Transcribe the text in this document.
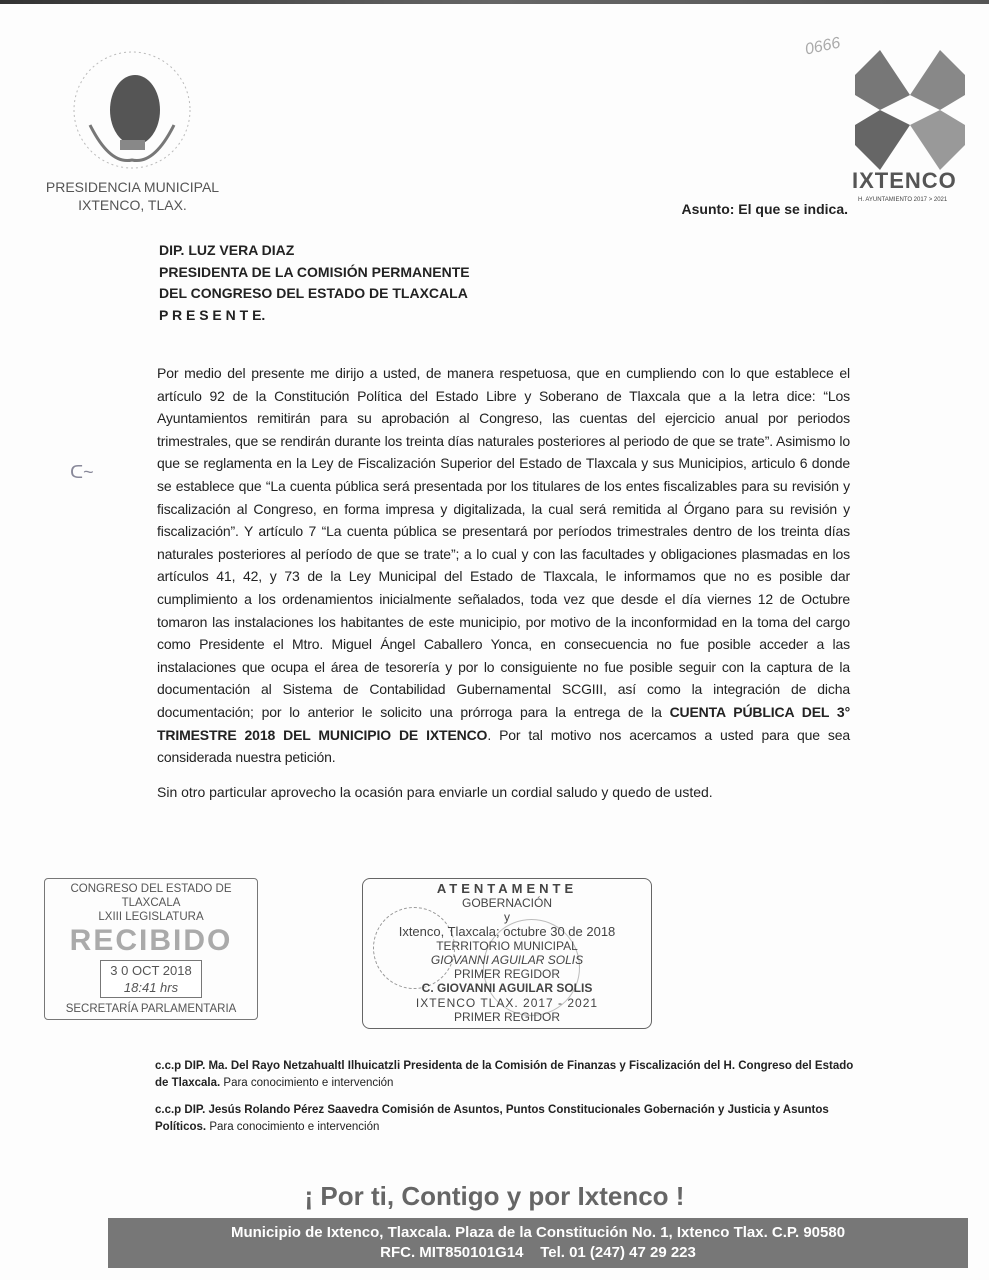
PRESIDENCIA MUNICIPAL
IXTENCO, TLAX.
0666
IXTENCO
H. AYUNTAMIENTO 2017 > 2021
Asunto: El que se indica.
DIP. LUZ VERA DIAZ
PRESIDENTA DE LA COMISIÓN PERMANENTE
DEL CONGRESO DEL ESTADO DE TLAXCALA
P R E S E N T E.
ᑕ~
Por medio del presente me dirijo a usted, de manera respetuosa, que en cumpliendo con lo que establece el artículo 92 de la Constitución Política del Estado Libre y Soberano de Tlaxcala que a la letra dice: “Los Ayuntamientos remitirán para su aprobación al Congreso, las cuentas del ejercicio anual por periodos trimestrales, que se rendirán durante los treinta días naturales posteriores al periodo de que se trate”. Asimismo lo que se reglamenta en la Ley de Fiscalización Superior del Estado de Tlaxcala y sus Municipios, articulo 6 donde se establece que “La cuenta pública será presentada por los titulares de los entes fiscalizables para su revisión y fiscalización al Congreso, en forma impresa y digitalizada, la cual será remitida al Órgano para su revisión y fiscalización”. Y artículo 7 “La cuenta pública se presentará por períodos trimestrales dentro de los treinta días naturales posteriores al período de que se trate”; a lo cual y con las facultades y obligaciones plasmadas en los artículos 41, 42, y 73 de la Ley Municipal del Estado de Tlaxcala, le informamos que no es posible dar cumplimiento a los ordenamientos inicialmente señalados, toda vez que desde el día viernes 12 de Octubre tomaron las instalaciones los habitantes de este municipio, por motivo de la inconformidad en la toma del cargo como Presidente el Mtro. Miguel Ángel Caballero Yonca, en consecuencia no fue posible acceder a las instalaciones que ocupa el área de tesorería y por lo consiguiente no fue posible seguir con la captura de la documentación al Sistema de Contabilidad Gubernamental SCGIII, así como la integración de dicha documentación; por lo anterior le solicito una prórroga para la entrega de la CUENTA PÚBLICA DEL 3° TRIMESTRE 2018 DEL MUNICIPIO DE IXTENCO. Por tal motivo nos acercamos a usted para que sea considerada nuestra petición.
Sin otro particular aprovecho la ocasión para enviarle un cordial saludo y quedo de usted.
CONGRESO DEL ESTADO DE TLAXCALA
LXIII LEGISLATURA
RECIBIDO
3 0 OCT 2018
18:41 hrs
SECRETARÍA PARLAMENTARIA
ATENTAMENTE
GOBERNACIÓN
y
Ixtenco, Tlaxcala; octubre 30 de 2018
TERRITORIO MUNICIPAL
GIOVANNI AGUILAR SOLIS
PRIMER REGIDOR
C. GIOVANNI AGUILAR SOLIS
IXTENCO TLAX. 2017 - 2021
PRIMER REGIDOR
c.c.p DIP. Ma. Del Rayo Netzahualtl Ilhuicatzli Presidenta de la Comisión de Finanzas y Fiscalización del H. Congreso del Estado de Tlaxcala. Para conocimiento e intervención
c.c.p DIP. Jesús Rolando Pérez Saavedra Comisión de Asuntos, Puntos Constitucionales Gobernación y Justicia y Asuntos Políticos. Para conocimiento e intervención
¡ Por ti, Contigo y por Ixtenco !
Municipio de Ixtenco, Tlaxcala. Plaza de la Constitución No. 1, Ixtenco Tlax. C.P. 90580
RFC. MIT850101G14    Tel. 01 (247) 47 29 223
